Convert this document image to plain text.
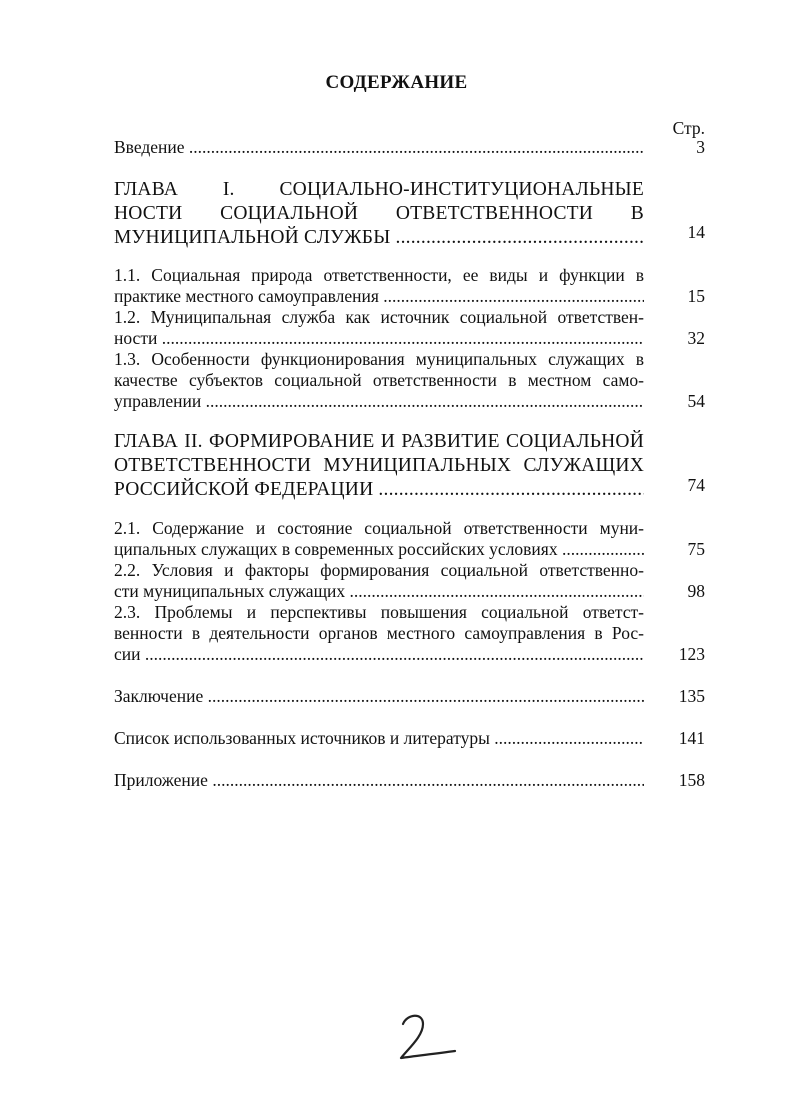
СОДЕРЖАНИЕ
Стр.
Введение .....	3
ГЛАВА I. СОЦИАЛЬНО-ИНСТИТУЦИОНАЛЬНЫЕ
НОСТИ СОЦИАЛЬНОЙ ОТВЕТСТВЕННОСТИ В
МУНИЦИПАЛЬНОЙ СЛУЖБЫ .....	14
1.1. Социальная природа ответственности, ее виды и функции в
практике местного самоуправления .....	15
1.2. Муниципальная служба как источник социальной ответствен-
ности .....	32
1.3. Особенности функционирования муниципальных служащих в
качестве субъектов социальной ответственности в местном само-
управлении .....	54
ГЛАВА II. ФОРМИРОВАНИЕ И РАЗВИТИЕ СОЦИАЛЬНОЙ
ОТВЕТСТВЕННОСТИ МУНИЦИПАЛЬНЫХ СЛУЖАЩИХ
РОССИЙСКОЙ ФЕДЕРАЦИИ .....	74
2.1. Содержание и состояние социальной ответственности муни-
ципальных служащих в современных российских условиях .....	75
2.2. Условия и факторы формирования социальной ответственно-
сти муниципальных служащих .....	98
2.3. Проблемы и перспективы повышения социальной ответст-
венности в деятельности органов местного самоуправления в Рос-
сии .....	123
Заключение .....	135
Список использованных источников и литературы .....	141
Приложение .....	158
